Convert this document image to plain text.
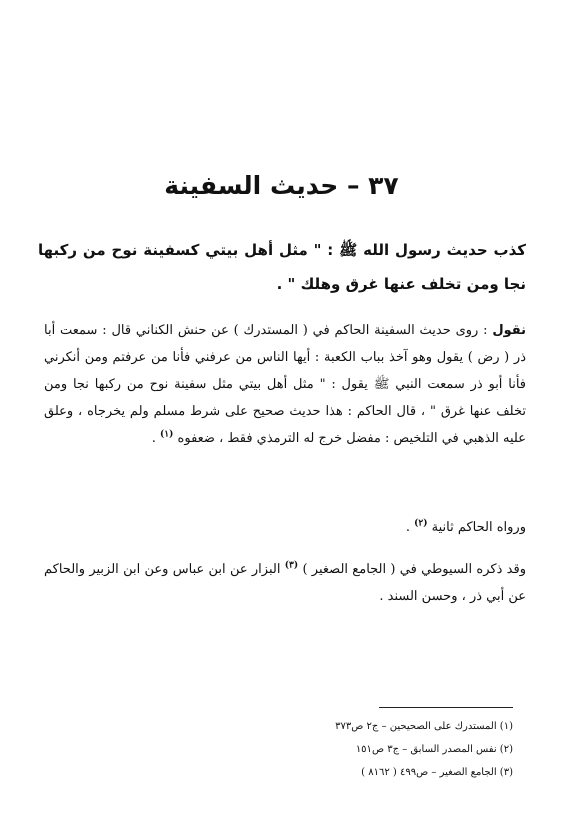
٣٧ – حديث السفينة
كذب حديث رسول الله ﷺ : " مثل أهل بيتي كسفينة نوح من ركبها نجا ومن تخلف عنها غرق وهلك " .
نقول : روى حديث السفينة الحاكم في ( المستدرك ) عن حنش الكناني قال : سمعت أبا ذر ( رض ) يقول وهو آخذ بباب الكعبة : أيها الناس من عرفني فأنا من عرفتم ومن أنكرني فأنا أبو ذر سمعت النبي ﷺ يقول : " مثل أهل بيتي مثل سفينة نوح من ركبها نجا ومن تخلف عنها غرق " ، قال الحاكم : هذا حديث صحيح على شرط مسلم ولم يخرجاه ، وعلق عليه الذهبي في التلخيص : مفضل خرج له الترمذي فقط ، ضعفوه $^{(١)}$ .
ورواه الحاكم ثانية $^{(٢)}$ .
وقد ذكره السيوطي في ( الجامع الصغير ) $^{(٣)}$ البزار عن ابن عباس وعن ابن الزبير والحاكم عن أبي ذر ، وحسن السند .
(١) المستدرك على الصحيحين – ج٢ ص٣٧٣
(٢) نفس المصدر السابق – ج٣ ص١٥١
(٣) الجامع الصغير – ص٤٩٩ ( ٨١٦٢ )
